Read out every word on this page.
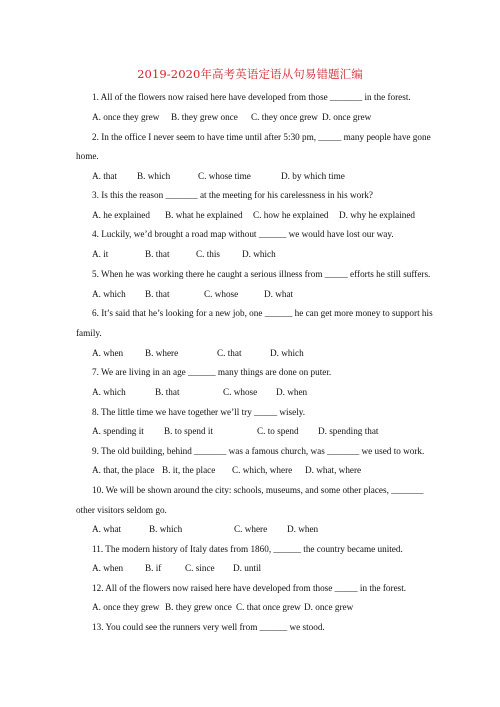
2019-2020年高考英语定语从句易错题汇编
1. All of the flowers now raised here have developed from those _______ in the forest.
A. once they grew B. they grew once C. they once grew D. once grew
2. In the office I never seem to have time until after 5:30 pm, _____ many people have gone
home.
A. that B. which	C. whose time	D. by which time
3. Is this the reason _______ at the meeting for his carelessness in his work?
A. he explained B. what he explained C. how he explained D. why he explained
4. Luckily, we’d brought a road map without ______ we would have lost our way.
A. it	B. that	C. this D. which
5. When he was working there he caught a serious illness from _____ efforts he still suffers.
A. which B. that	C. whose	D. what
6. It’s said that he’s looking for a new job, one ______ he can get more money to support his
family.
A. when B. where	C. that	D. which
7. We are living in an age ______ many things are done on puter.
A. which	B. that	C. whose D. when
8. The little time we have together we’ll try _____ wisely.
A. spending it B. to spend it	C. to spend D. spending that
9. The old building, behind _______ was a famous church, was _______ we used to work.
A. that, the place B. it, the place C. which, where D. what, where
10. We will be shown around the city: schools, museums, and some other places, _______
other visitors seldom go.
A. what	B. which	C. where D. when
11. The modern history of Italy dates from 1860, ______ the country became united.
A. when B. if	C. since D. until
12. All of the flowers now raised here have developed from those _____ in the forest.
A. once they grew B. they grew once C. that once grew D. once grew
13. You could see the runners very well from ______ we stood.
